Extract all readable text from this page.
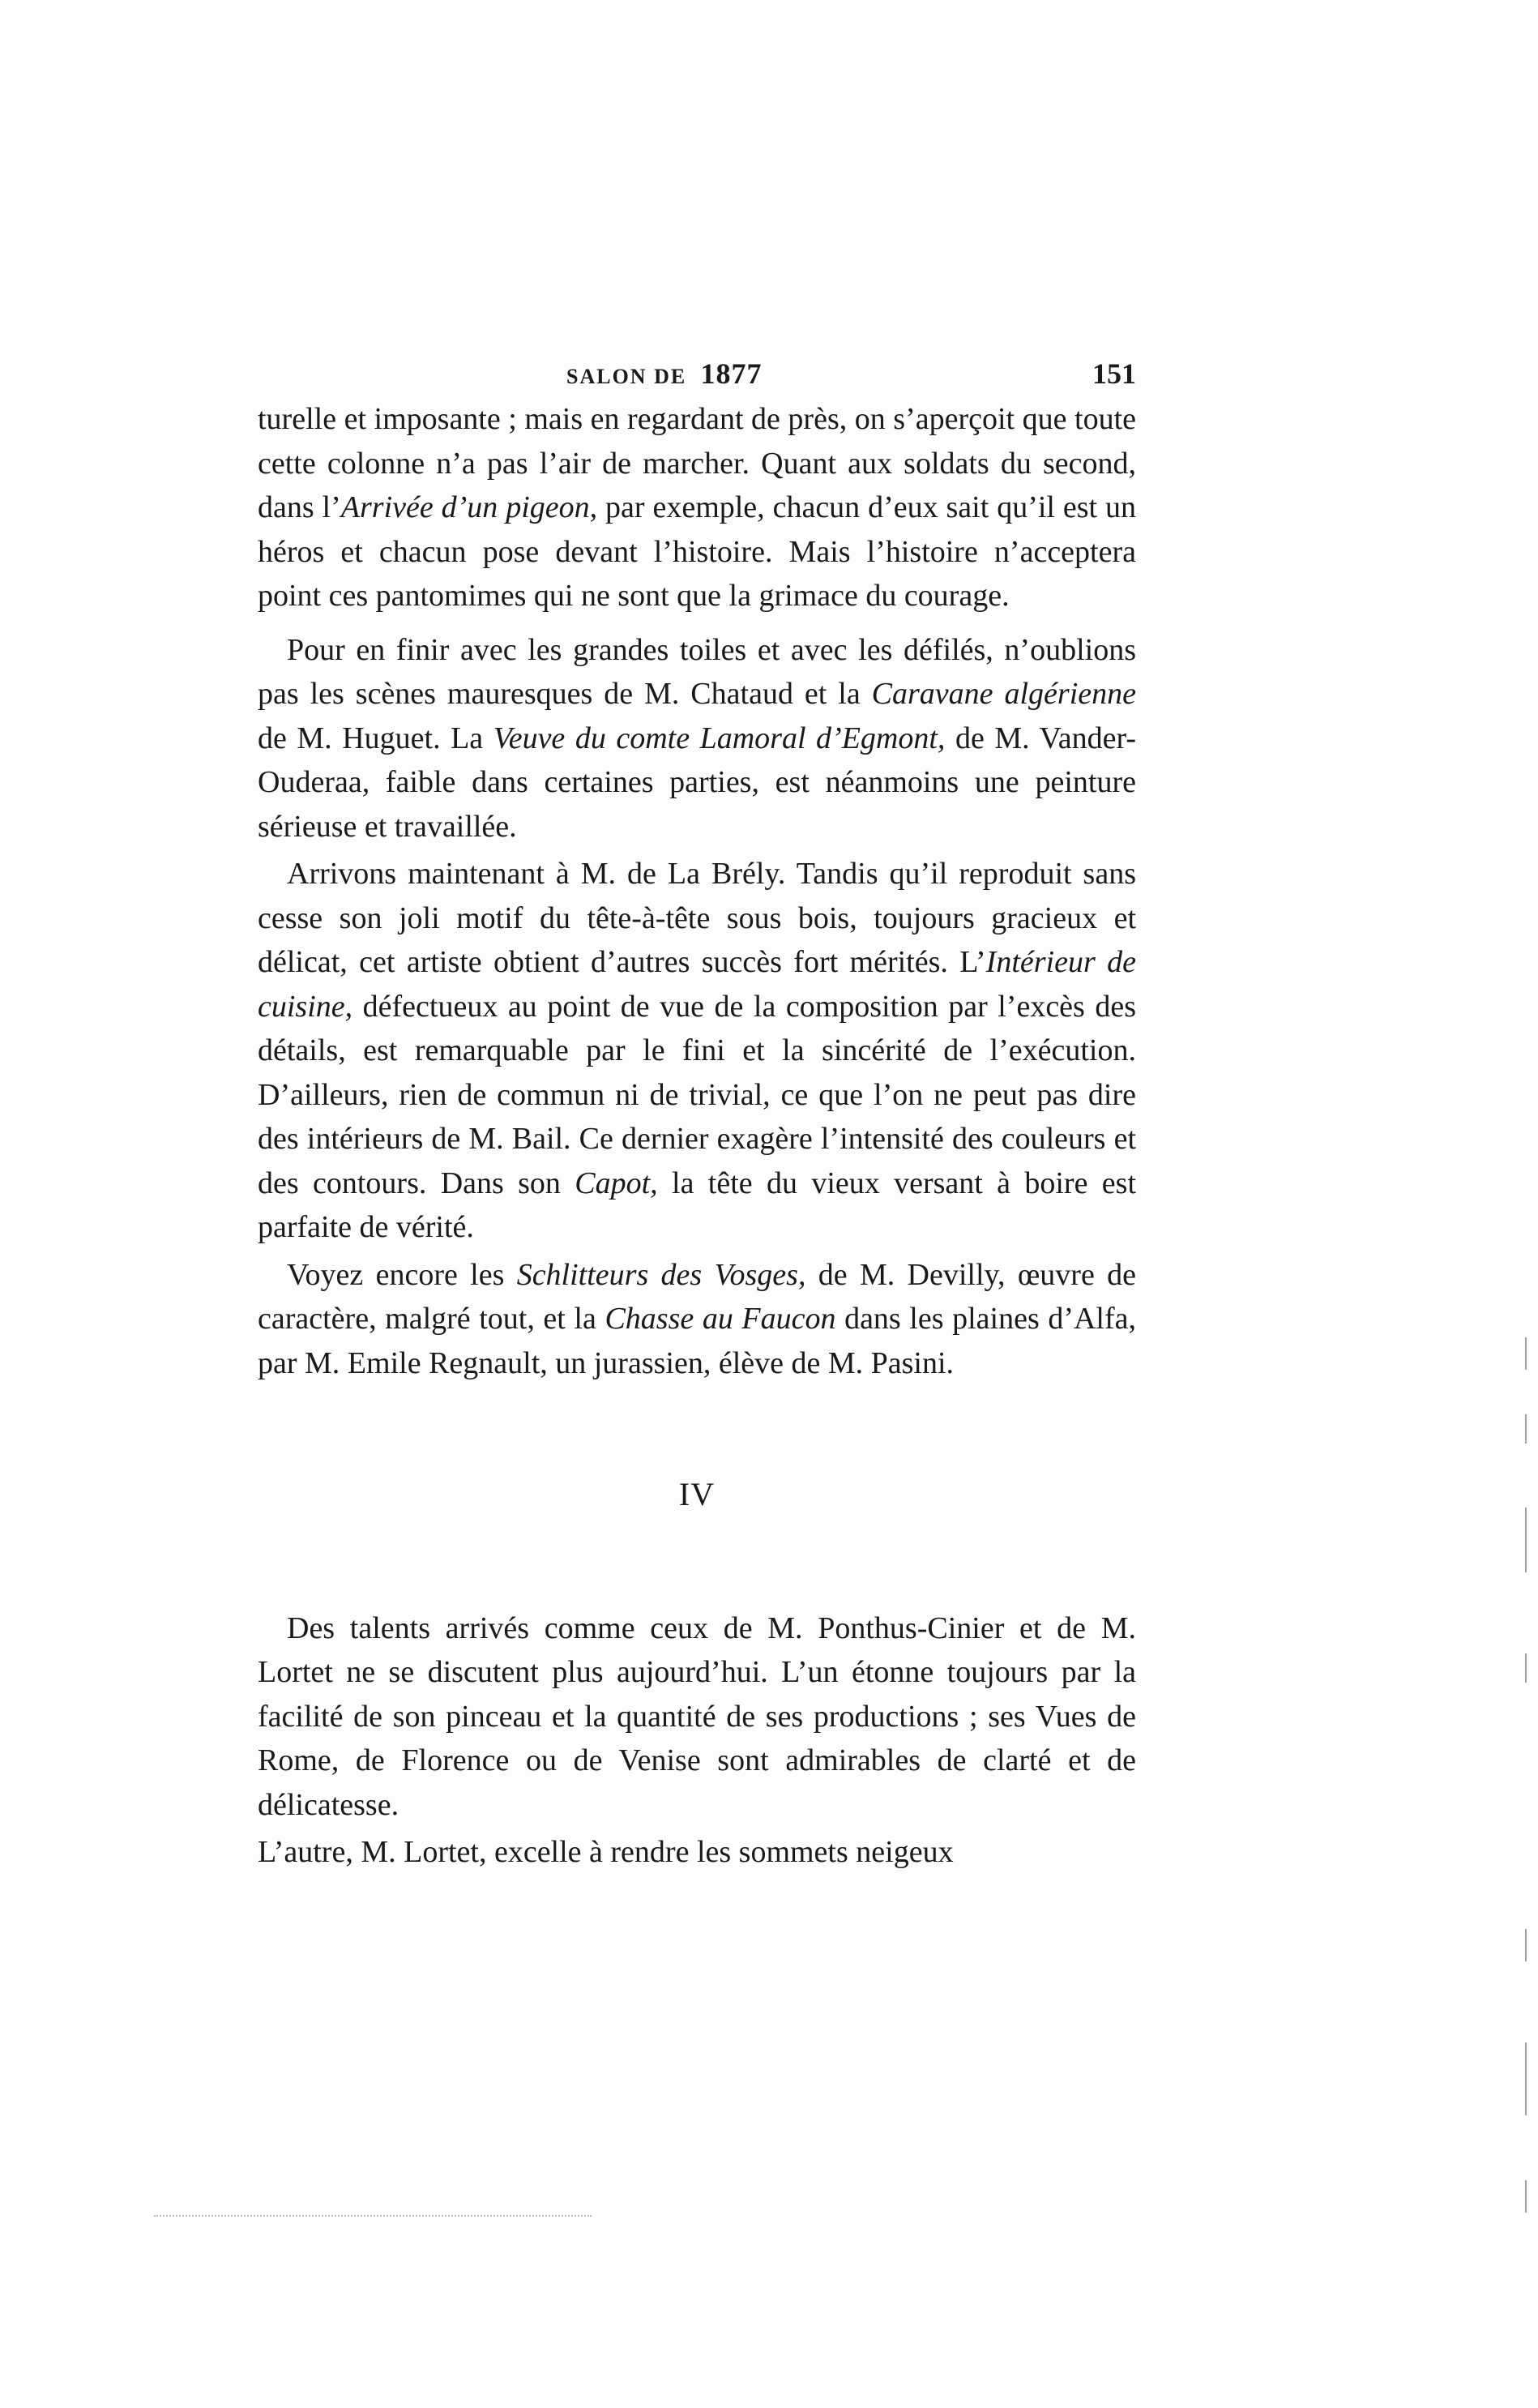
SALON DE 1877	151

turelle et imposante ; mais en regardant de près, on s’aperçoit que toute cette colonne n’a pas l’air de marcher. Quant aux soldats du second, dans l’Arrivée d’un pigeon, par exemple, chacun d’eux sait qu’il est un héros et chacun pose devant l’histoire. Mais l’histoire n’acceptera point ces pantomimes qui ne sont que la grimace du courage.

Pour en finir avec les grandes toiles et avec les défilés, n’oublions pas les scènes mauresques de M. Chataud et la Caravane algérienne de M. Huguet. La Veuve du comte Lamoral d’Egmont, de M. Vander-Ouderaa, faible dans certaines parties, est néanmoins une peinture sérieuse et travaillée.

Arrivons maintenant à M. de La Brély. Tandis qu’il reproduit sans cesse son joli motif du tête-à-tête sous bois, toujours gracieux et délicat, cet artiste obtient d’autres succès fort mérités. L’Intérieur de cuisine, défectueux au point de vue de la composition par l’excès des détails, est remarquable par le fini et la sincérité de l’exécution. D’ailleurs, rien de commun ni de trivial, ce que l’on ne peut pas dire des intérieurs de M. Bail. Ce dernier exagère l’intensité des couleurs et des contours. Dans son Capot, la tête du vieux versant à boire est parfaite de vérité.

Voyez encore les Schlitteurs des Vosges, de M. Devilly, œuvre de caractère, malgré tout, et la Chasse au Faucon dans les plaines d’Alfa, par M. Emile Regnault, un jurassien, élève de M. Pasini.

IV

Des talents arrivés comme ceux de M. Ponthus-Cinier et de M. Lortet ne se discutent plus aujourd’hui. L’un étonne toujours par la facilité de son pinceau et la quantité de ses productions ; ses Vues de Rome, de Florence ou de Venise sont admirables de clarté et de délicatesse.

L’autre, M. Lortet, excelle à rendre les sommets neigeux
